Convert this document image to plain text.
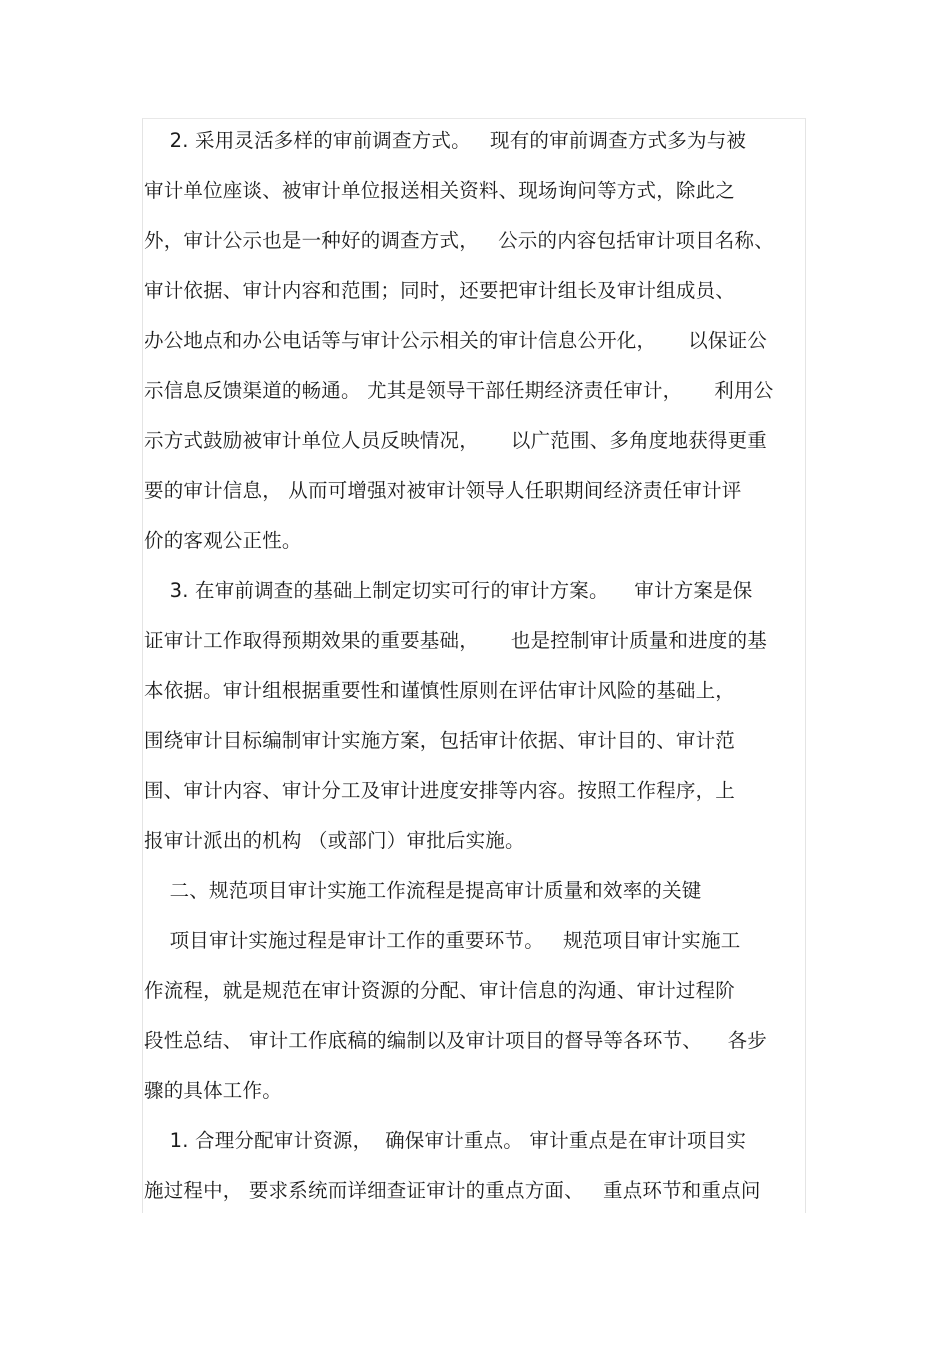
2. 采用灵活多样的审前调查方式。   现有的审前调查方式多为与被
审计单位座谈、被审计单位报送相关资料、现场询问等方式，除此之
外，审计公示也是一种好的调查方式，   公示的内容包括审计项目名称、
审计依据、审计内容和范围；同时，还要把审计组长及审计组成员、
办公地点和办公电话等与审计公示相关的审计信息公开化，     以保证公
示信息反馈渠道的畅通。 尤其是领导干部任期经济责任审计，     利用公
示方式鼓励被审计单位人员反映情况，     以广范围、多角度地获得更重
要的审计信息， 从而可增强对被审计领导人任职期间经济责任审计评
价的客观公正性。
3. 在审前调查的基础上制定切实可行的审计方案。    审计方案是保
证审计工作取得预期效果的重要基础，     也是控制审计质量和进度的基
本依据。审计组根据重要性和谨慎性原则在评估审计风险的基础上，
围绕审计目标编制审计实施方案，包括审计依据、审计目的、审计范
围、审计内容、审计分工及审计进度安排等内容。按照工作程序，上
报审计派出的机构 （或部门）审批后实施。
二、规范项目审计实施工作流程是提高审计质量和效率的关键
项目审计实施过程是审计工作的重要环节。   规范项目审计实施工
作流程，就是规范在审计资源的分配、审计信息的沟通、审计过程阶
段性总结、 审计工作底稿的编制以及审计项目的督导等各环节、    各步
骤的具体工作。
1. 合理分配审计资源，  确保审计重点。 审计重点是在审计项目实
施过程中， 要求系统而详细查证审计的重点方面、   重点环节和重点问
